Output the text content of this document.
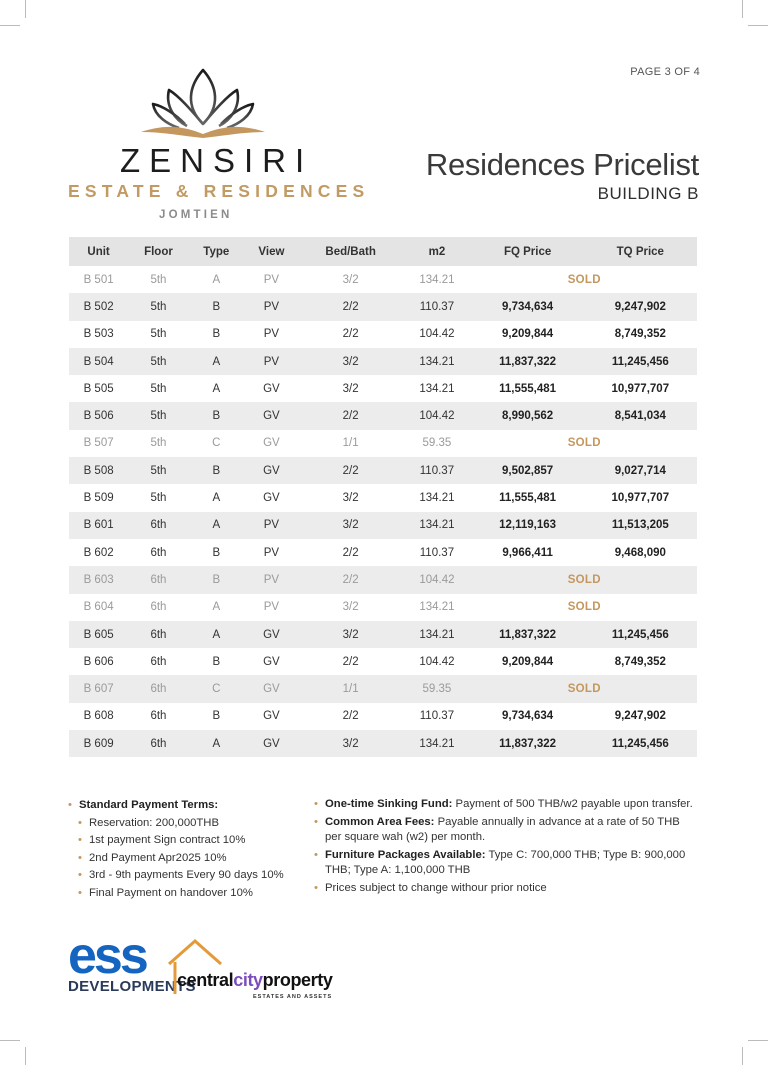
PAGE 3 OF 4
ZENSIRI
ESTATE & RESIDENCES
JOMTIEN
Residences Pricelist
BUILDING B
Unit	Floor	Type	View	Bed/Bath	m2	FQ Price	TQ Price
B 501	5th	A	PV	3/2	134.21	SOLD	
B 502	5th	B	PV	2/2	110.37	9,734,634	9,247,902
B 503	5th	B	PV	2/2	104.42	9,209,844	8,749,352
B 504	5th	A	PV	3/2	134.21	11,837,322	11,245,456
B 505	5th	A	GV	3/2	134.21	11,555,481	10,977,707
B 506	5th	B	GV	2/2	104.42	8,990,562	8,541,034
B 507	5th	C	GV	1/1	59.35	SOLD	
B 508	5th	B	GV	2/2	110.37	9,502,857	9,027,714
B 509	5th	A	GV	3/2	134.21	11,555,481	10,977,707
B 601	6th	A	PV	3/2	134.21	12,119,163	11,513,205
B 602	6th	B	PV	2/2	110.37	9,966,411	9,468,090
B 603	6th	B	PV	2/2	104.42	SOLD	
B 604	6th	A	PV	3/2	134.21	SOLD	
B 605	6th	A	GV	3/2	134.21	11,837,322	11,245,456
B 606	6th	B	GV	2/2	104.42	9,209,844	8,749,352
B 607	6th	C	GV	1/1	59.35	SOLD	
B 608	6th	B	GV	2/2	110.37	9,734,634	9,247,902
B 609	6th	A	GV	3/2	134.21	11,837,322	11,245,456
• Standard Payment Terms:
• Reservation: 200,000THB
• 1st payment Sign contract 10%
• 2nd Payment Apr2025 10%
• 3rd - 9th payments Every 90 days 10%
• Final Payment on handover 10%
• One-time Sinking Fund: Payment of 500 THB/w2 payable upon transfer.
• Common Area Fees: Payable annually in advance at a rate of 50 THB per square wah (w2) per month.
• Furniture Packages Available: Type C: 700,000 THB; Type B: 900,000 THB; Type A: 1,100,000 THB
• Prices subject to change withour prior notice
ess
DEVELOPMENTS
centralcityproperty
ESTATES AND ASSETS
